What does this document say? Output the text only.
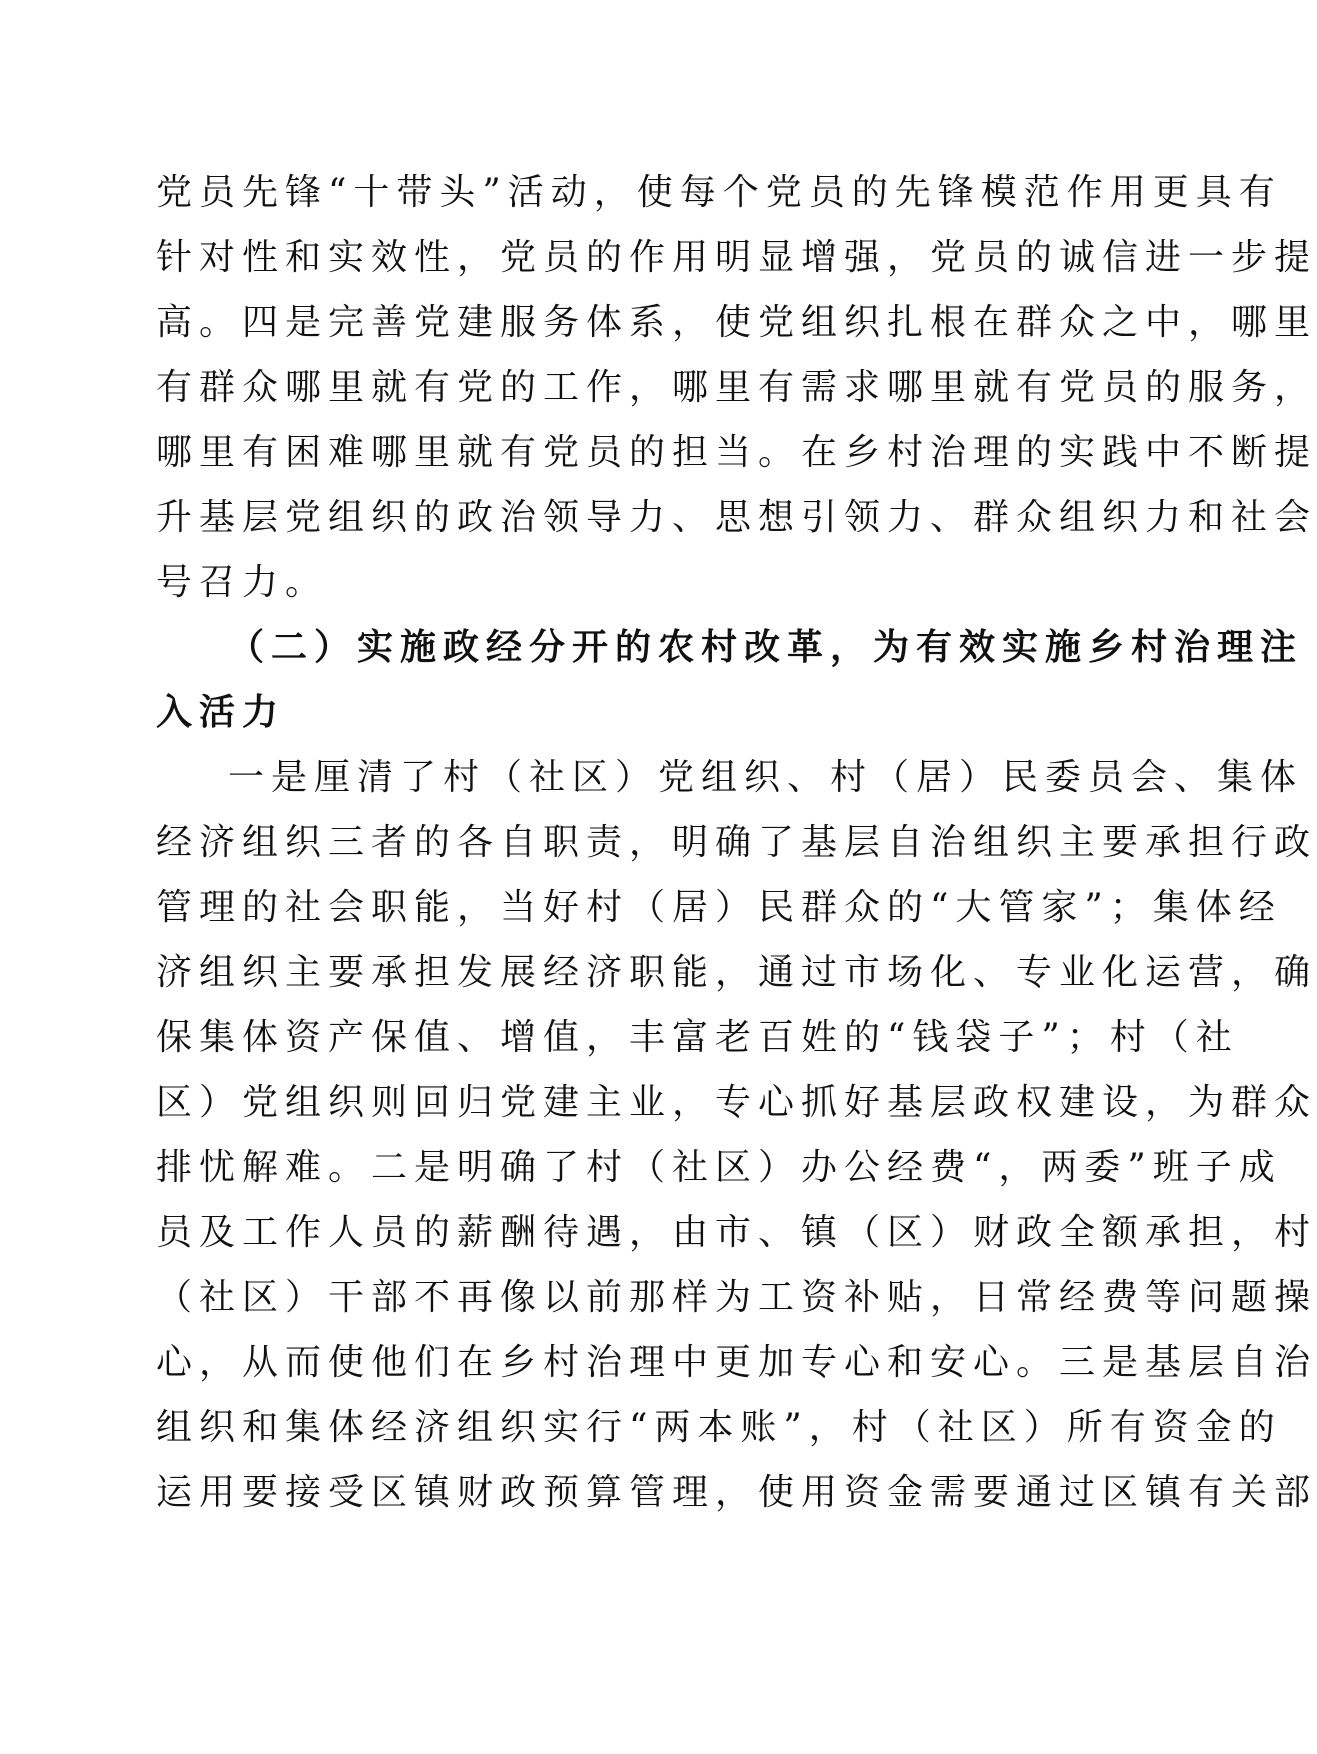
党员先锋“十带头”活动，使每个党员的先锋模范作用更具有
针对性和实效性，党员的作用明显增强，党员的诚信进一步提
高。四是完善党建服务体系，使党组织扎根在群众之中，哪里
有群众哪里就有党的工作，哪里有需求哪里就有党员的服务，
哪里有困难哪里就有党员的担当。在乡村治理的实践中不断提
升基层党组织的政治领导力、思想引领力、群众组织力和社会
号召力。
（二）实施政经分开的农村改革，为有效实施乡村治理注
入活力
一是厘清了村（社区）党组织、村（居）民委员会、集体
经济组织三者的各自职责，明确了基层自治组织主要承担行政
管理的社会职能，当好村（居）民群众的“大管家”；集体经
济组织主要承担发展经济职能，通过市场化、专业化运营，确
保集体资产保值、增值，丰富老百姓的“钱袋子”；村（社
区）党组织则回归党建主业，专心抓好基层政权建设，为群众
排忧解难。二是明确了村（社区）办公经费“，两委”班子成
员及工作人员的薪酬待遇，由市、镇（区）财政全额承担，村
（社区）干部不再像以前那样为工资补贴，日常经费等问题操
心，从而使他们在乡村治理中更加专心和安心。三是基层自治
组织和集体经济组织实行“两本账”，村（社区）所有资金的
运用要接受区镇财政预算管理，使用资金需要通过区镇有关部
